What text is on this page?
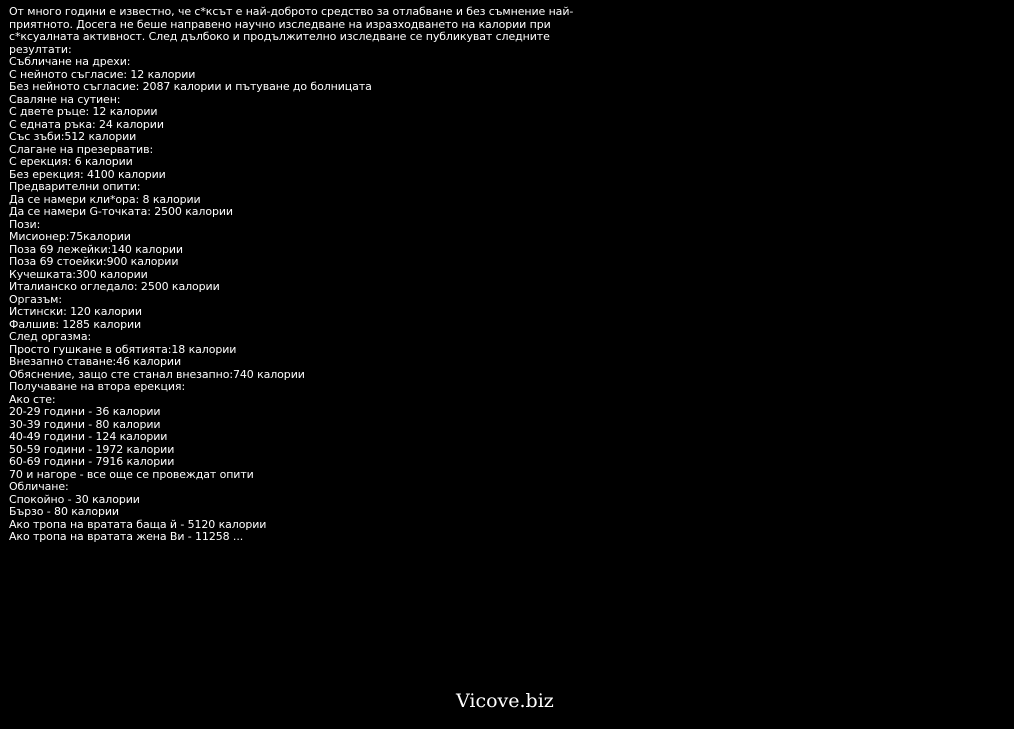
От много години е известно, че с*ксът е най-доброто средство за отлабване и без съмнение най-приятното. Досега не беше направено научно изследване на изразходването на калории при с*ксуалната активност. След дълбоко и продължително изследване се публикуват следните резултати:
Събличане на дрехи:
С нейното съгласие: 12 калории
Без нейното съгласие: 2087 калории и пътуване до болницата
Сваляне на сутиен:
С двете ръце: 12 калории
С едната ръка: 24 калории
Със зъби:512 калории
Слагане на презерватив:
С ерекция: 6 калории
Без ерекция: 4100 калории
Предварителни опити:
Да се намери кли*ора: 8 калории
Да се намери G-точката: 2500 калории
Пози:
Мисионер:75калории
Поза 69 лежейки:140 калории
Поза 69 стоейки:900 калории
Кучешката:300 калории
Италианско огледало: 2500 калории
Оргазъм:
Истински: 120 калории
Фалшив: 1285 калории
След оргазма:
Просто гушкане в обятията:18 калории
Внезапно ставане:46 калории
Обяснение, защо сте станал внезапно:740 калории
Получаване на втора ерекция:
Ако сте:
20-29 години - 36 калории
30-39 години - 80 калории
40-49 години - 124 калории
50-59 години - 1972 калории
60-69 години - 7916 калории
70 и нагоре - все още се провеждат опити
Обличане:
Спокойно - 30 калории
Бързо - 80 калории
Ако тропа на вратата баща й - 5120 калории
Ако тропа на вратата жена Ви - 11258 ...
Vicove.biz
